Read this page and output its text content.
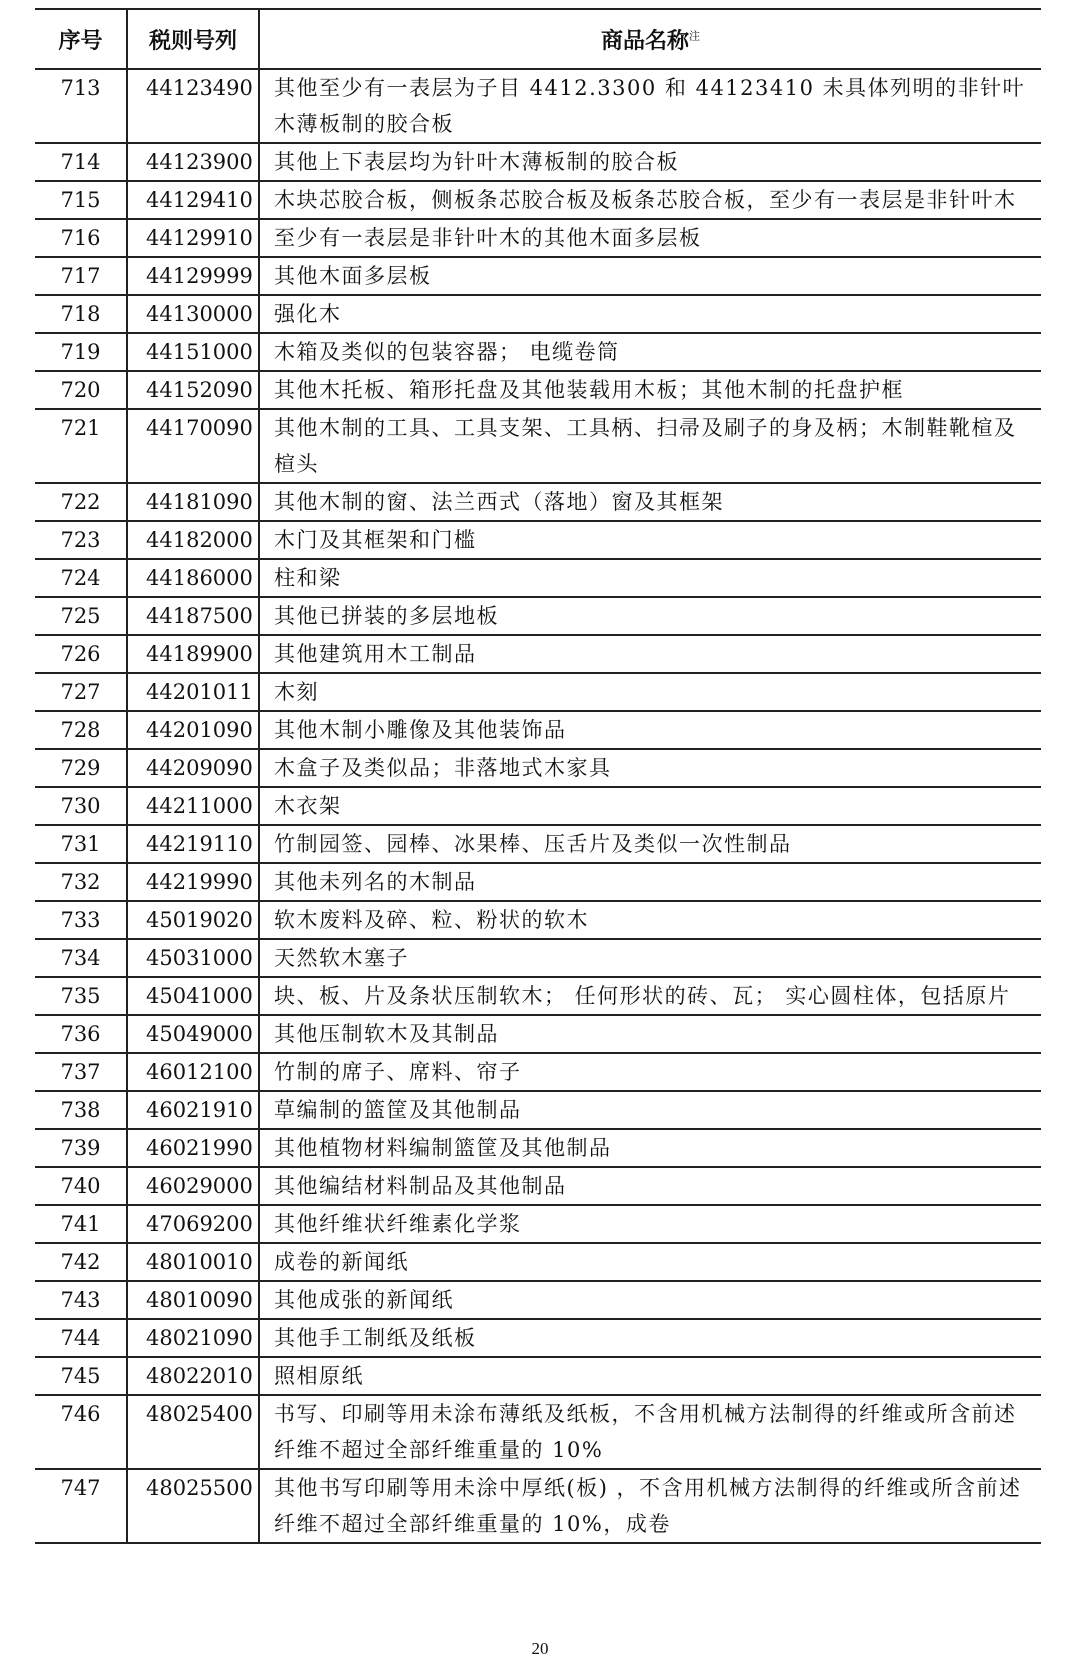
序号	税则号列	商品名称$^注$
713	44123490	其他至少有一表层为子目 4412.3300 和 44123410 未具体列明的非针叶木薄板制的胶合板
714	44123900	其他上下表层均为针叶木薄板制的胶合板
715	44129410	木块芯胶合板，侧板条芯胶合板及板条芯胶合板，至少有一表层是非针叶木
716	44129910	至少有一表层是非针叶木的其他木面多层板
717	44129999	其他木面多层板
718	44130000	强化木
719	44151000	木箱及类似的包装容器； 电缆卷筒
720	44152090	其他木托板、箱形托盘及其他装载用木板；其他木制的托盘护框
721	44170090	其他木制的工具、工具支架、工具柄、扫帚及刷子的身及柄；木制鞋靴楦及楦头
722	44181090	其他木制的窗、法兰西式（落地）窗及其框架
723	44182000	木门及其框架和门槛
724	44186000	柱和梁
725	44187500	其他已拼装的多层地板
726	44189900	其他建筑用木工制品
727	44201011	木刻
728	44201090	其他木制小雕像及其他装饰品
729	44209090	木盒子及类似品；非落地式木家具
730	44211000	木衣架
731	44219110	竹制园签、园棒、冰果棒、压舌片及类似一次性制品
732	44219990	其他未列名的木制品
733	45019020	软木废料及碎、粒、粉状的软木
734	45031000	天然软木塞子
735	45041000	块、板、片及条状压制软木； 任何形状的砖、瓦； 实心圆柱体，包括原片
736	45049000	其他压制软木及其制品
737	46012100	竹制的席子、席料、帘子
738	46021910	草编制的篮筐及其他制品
739	46021990	其他植物材料编制篮筐及其他制品
740	46029000	其他编结材料制品及其他制品
741	47069200	其他纤维状纤维素化学浆
742	48010010	成卷的新闻纸
743	48010090	其他成张的新闻纸
744	48021090	其他手工制纸及纸板
745	48022010	照相原纸
746	48025400	书写、印刷等用未涂布薄纸及纸板，不含用机械方法制得的纤维或所含前述纤维不超过全部纤维重量的 10%
747	48025500	其他书写印刷等用未涂中厚纸(板) ，不含用机械方法制得的纤维或所含前述纤维不超过全部纤维重量的 10%，成卷
20
